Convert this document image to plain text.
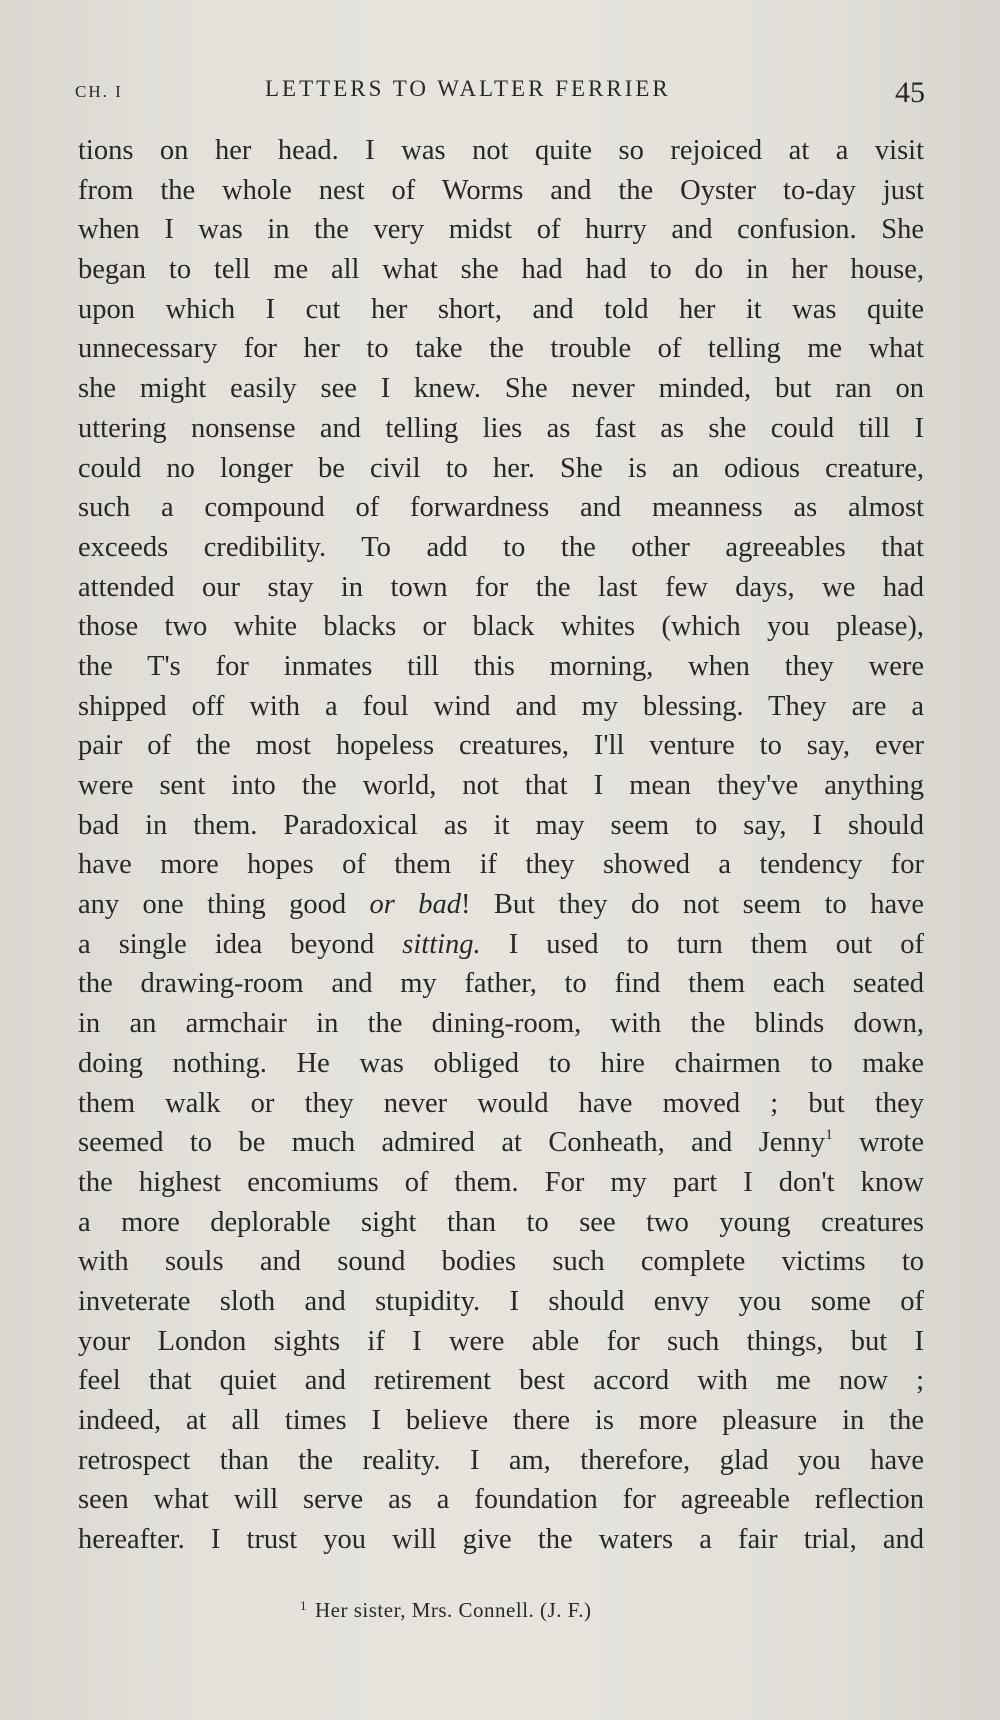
CH. I	LETTERS TO WALTER FERRIER	45
tions on her head. I was not quite so rejoiced at a visit
from the whole nest of Worms and the Oyster to-day just
when I was in the very midst of hurry and confusion. She
began to tell me all what she had had to do in her house,
upon which I cut her short, and told her it was quite
unnecessary for her to take the trouble of telling me what
she might easily see I knew. She never minded, but ran on
uttering nonsense and telling lies as fast as she could till I
could no longer be civil to her. She is an odious creature,
such a compound of forwardness and meanness as almost
exceeds credibility. To add to the other agreeables that
attended our stay in town for the last few days, we had
those two white blacks or black whites (which you please),
the T's for inmates till this morning, when they were
shipped off with a foul wind and my blessing. They are a
pair of the most hopeless creatures, I'll venture to say, ever
were sent into the world, not that I mean they've anything
bad in them. Paradoxical as it may seem to say, I should
have more hopes of them if they showed a tendency for
any one thing good or bad! But they do not seem to have
a single idea beyond sitting. I used to turn them out of
the drawing-room and my father, to find them each seated
in an armchair in the dining-room, with the blinds down,
doing nothing. He was obliged to hire chairmen to make
them walk or they never would have moved ; but they
seemed to be much admired at Conheath, and Jenny$^1$ wrote
the highest encomiums of them. For my part I don't know
a more deplorable sight than to see two young creatures
with souls and sound bodies such complete victims to
inveterate sloth and stupidity. I should envy you some of
your London sights if I were able for such things, but I
feel that quiet and retirement best accord with me now ;
indeed, at all times I believe there is more pleasure in the
retrospect than the reality. I am, therefore, glad you have
seen what will serve as a foundation for agreeable reflection
hereafter. I trust you will give the waters a fair trial, and
$^1$ Her sister, Mrs. Connell. (J. F.)
